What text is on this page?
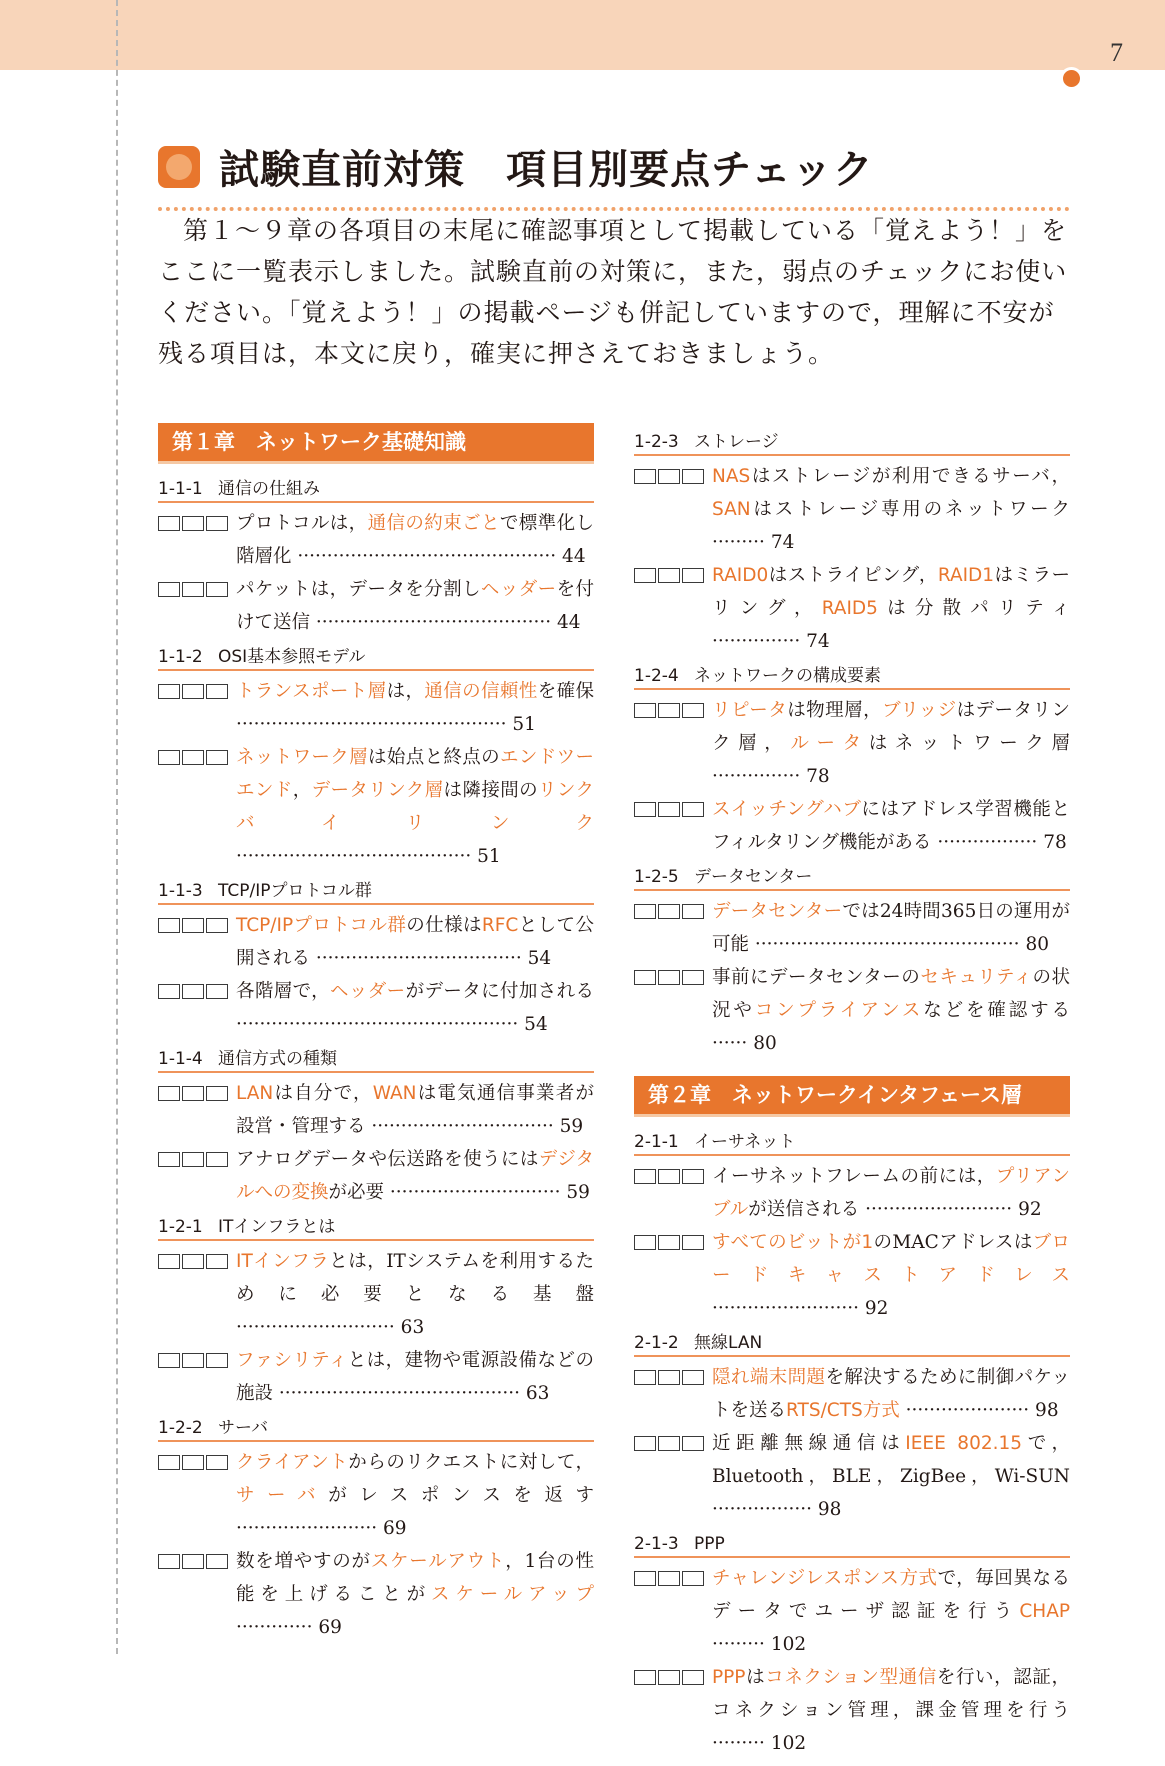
7
試験直前対策　項目別要点チェック

第１～９章の各項目の末尾に確認事項として掲載している「覚えよう！」をここに一覧表示しました。試験直前の対策に，また，弱点のチェックにお使いください。「覚えよう！」の掲載ページも併記していますので，理解に不安が残る項目は，本文に戻り，確実に押さえておきましょう。

第１章　ネットワーク基礎知識
1-1-1 通信の仕組み
プロトコルは，通信の約束ごとで標準化し階層化 ············································ 44
パケットは，データを分割しヘッダーを付けて送信 ········································ 44
1-1-2 OSI基本参照モデル
トランスポート層は，通信の信頼性を確保 ·············································· 51
ネットワーク層は始点と終点のエンドツーエンド，データリンク層は隣接間のリンクバイリンク ········································ 51
1-1-3 TCP/IPプロトコル群
TCP/IPプロトコル群の仕様はRFCとして公開される ··································· 54
各階層で，ヘッダーがデータに付加される ················································ 54
1-1-4 通信方式の種類
LANは自分で，WANは電気通信事業者が設営・管理する ······························· 59
アナログデータや伝送路を使うにはデジタルへの変換が必要 ····························· 59
1-2-1 ITインフラとは
ITインフラとは，ITシステムを利用するために必要となる基盤 ··························· 63
ファシリティとは，建物や電源設備などの施設 ········································· 63
1-2-2 サーバ
クライアントからのリクエストに対して，サーバがレスポンスを返す ························ 69
数を増やすのがスケールアウト，1台の性能を上げることがスケールアップ ············· 69
1-2-3 ストレージ
NASはストレージが利用できるサーバ，SANはストレージ専用のネットワーク ········· 74
RAID0はストライピング，RAID1はミラーリング，RAID5は分散パリティ ··············· 74
1-2-4 ネットワークの構成要素
リピータは物理層，ブリッジはデータリンク層，ルータはネットワーク層 ··············· 78
スイッチングハブにはアドレス学習機能とフィルタリング機能がある ················· 78
1-2-5 データセンター
データセンターでは24時間365日の運用が可能 ············································· 80
事前にデータセンターのセキュリティの状況やコンプライアンスなどを確認する ······ 80
第２章　ネットワークインタフェース層
2-1-1 イーサネット
イーサネットフレームの前には，プリアンブルが送信される ························· 92
すべてのビットが1のMACアドレスはブロードキャストアドレス ························· 92
2-1-2 無線LAN
隠れ端末問題を解決するために制御パケットを送るRTS/CTS方式 ····················· 98
近距離無線通信はIEEE 802.15で，Bluetooth，BLE，ZigBee，Wi-SUN ················· 98
2-1-3 PPP
チャレンジレスポンス方式で，毎回異なるデータでユーザ認証を行うCHAP ········· 102
PPPはコネクション型通信を行い，認証，コネクション管理，課金管理を行う ········· 102
